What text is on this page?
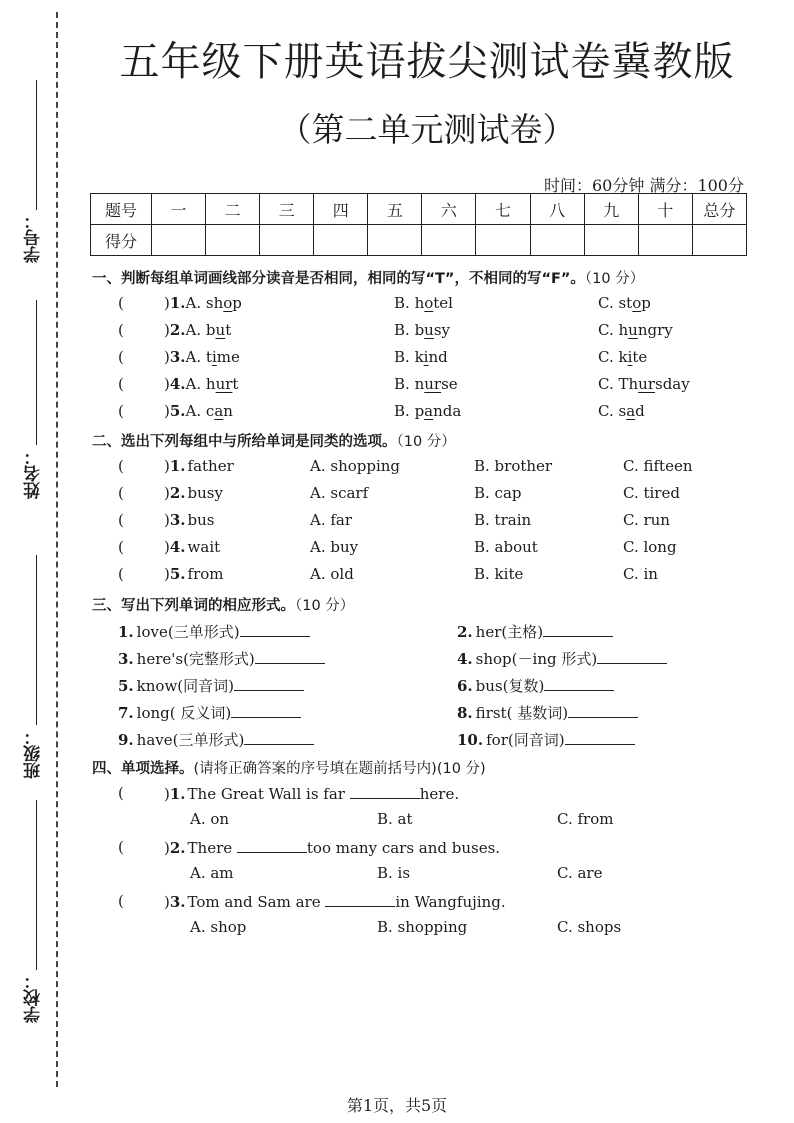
学号：
姓名：
班级：
学校：
五年级下册英语拔尖测试卷冀教版
（第二单元测试卷）
时间：60分钟 满分：100分
题号	一	二	三	四	五	六	七	八	九	十	总分
得分											
一、判断每组单词画线部分读音是否相同，相同的写“T”，不相同的写“F”。（10 分）
(	)1.A. shop	B. hotel	C. stop
(	)2.A. but	B. busy	C. hungry
(	)3.A. time	B. kind	C. kite
(	)4.A. hurt	B. nurse	C. Thursday
(	)5.A. can	B. panda	C. sad
二、选出下列每组中与所给单词是同类的选项。（10 分）
(	)1. father	A. shopping	B. brother	C. fifteen
(	)2. busy	A. scarf	B. cap	C. tired
(	)3. bus	A. far	B. train	C. run
(	)4. wait	A. buy	B. about	C. long
(	)5. from	A. old	B. kite	C. in
三、写出下列单词的相应形式。（10 分）
1. love(三单形式)	2. her(主格)
3. here's(完整形式)	4. shop(－ing 形式)
5. know(同音词)	6. bus(复数)
7. long( 反义词)	8. first( 基数词)
9. have(三单形式)	10. for(同音词)
四、单项选择。(请将正确答案的序号填在题前括号内)(10 分)
(	)1. The Great Wall is far	here.
A. on	B. at	C. from
(	)2. There	too many cars and buses.
A. am	B. is	C. are
(	)3. Tom and Sam are	in Wangfujing.
A. shop	B. shopping	C. shops
第1页，共5页
